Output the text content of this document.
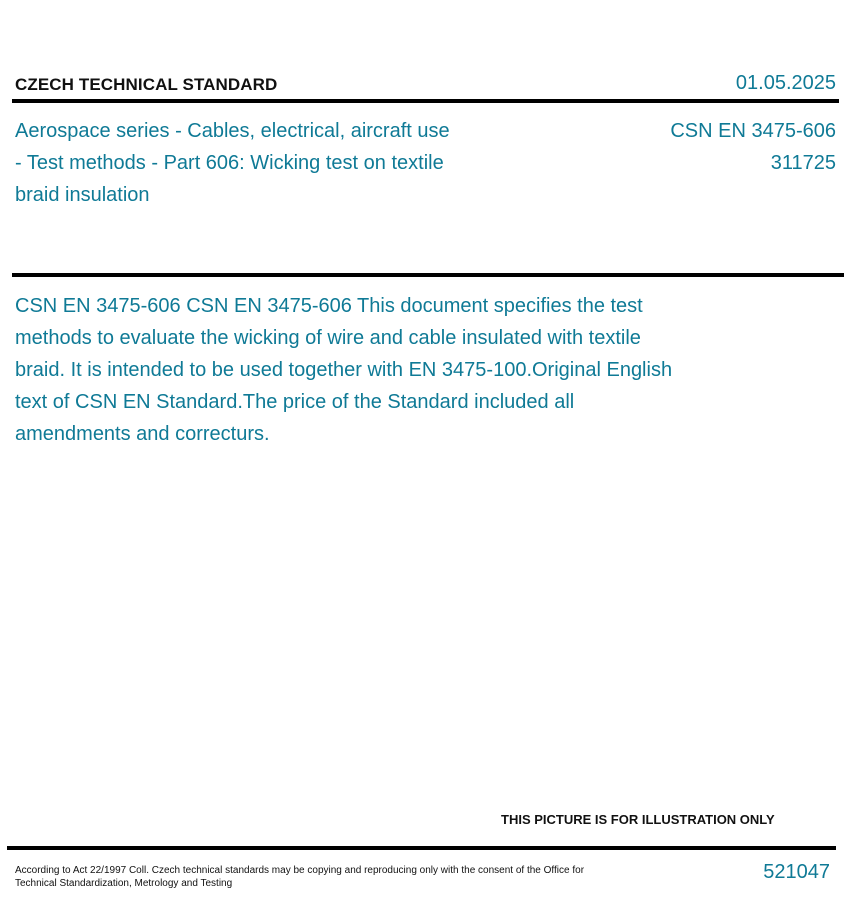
CZECH TECHNICAL STANDARD	01.05.2025
Aerospace series - Cables, electrical, aircraft use - Test methods - Part 606: Wicking test on textile braid insulation
CSN EN 3475-606
311725
CSN EN 3475-606 CSN EN 3475-606 This document specifies the test methods to evaluate the wicking of wire and cable insulated with textile braid. It is intended to be used together with EN 3475-100.Original English text of CSN EN Standard.The price of the Standard included all amendments and correcturs.
THIS PICTURE IS FOR ILLUSTRATION ONLY
According to Act 22/1997 Coll. Czech technical standards may be copying and reproducing only with the consent of the Office for Technical Standardization, Metrology and Testing
521047
